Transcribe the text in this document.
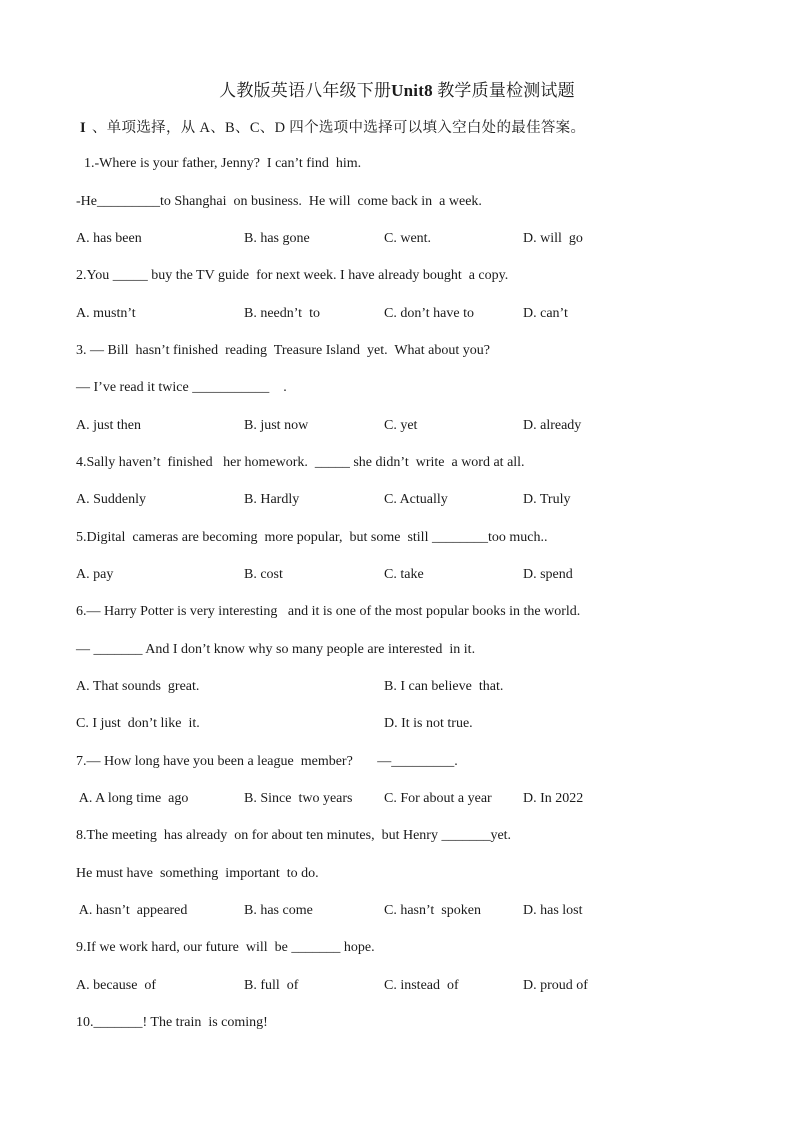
人教版英语八年级下册Unit8 教学质量检测试题
I 、单项选择，从 A、B、C、D 四个选项中选择可以填入空白处的最佳答案。
1.-Where is your father, Jenny?  I can’t find  him.
-He_________to Shanghai  on business.  He will  come back in  a week.
A. has been	B. has gone	C. went.	D. will  go
2.You _____ buy the TV guide  for next week. I have already bought  a copy.
A. mustn’t	B. needn’t  to	C. don’t have to	D. can’t
3. — Bill  hasn’t finished  reading  Treasure Island  yet.  What about you?
— I’ve read it twice ___________    .
A. just then	B. just now	C. yet	D. already
4.Sally haven’t  finished   her homework.  _____ she didn’t  write  a word at all.
A. Suddenly	B. Hardly	C. Actually	D. Truly
5.Digital  cameras are becoming  more popular,  but some  still ________too much..
A. pay	B. cost	C. take	D. spend
6.— Harry Potter is very interesting   and it is one of the most popular books in the world.
— _______ And I don’t know why so many people are interested  in it.
A. That sounds  great.	B. I can believe  that.
C. I just  don’t like  it.	D. It is not true.
7.— How long have you been a league  member?       —_________.
A. A long time  ago	B. Since  two years C. For about a year D. In 2022
8.The meeting  has already  on for about ten minutes,  but Henry _______yet.
He must have  something  important  to do.
A. hasn’t  appeared	B. has come	C. hasn’t  spoken	D. has lost
9.If we work hard, our future  will  be _______ hope.
A. because  of	B. full  of	C. instead  of	D. proud of
10._______! The train  is coming!
